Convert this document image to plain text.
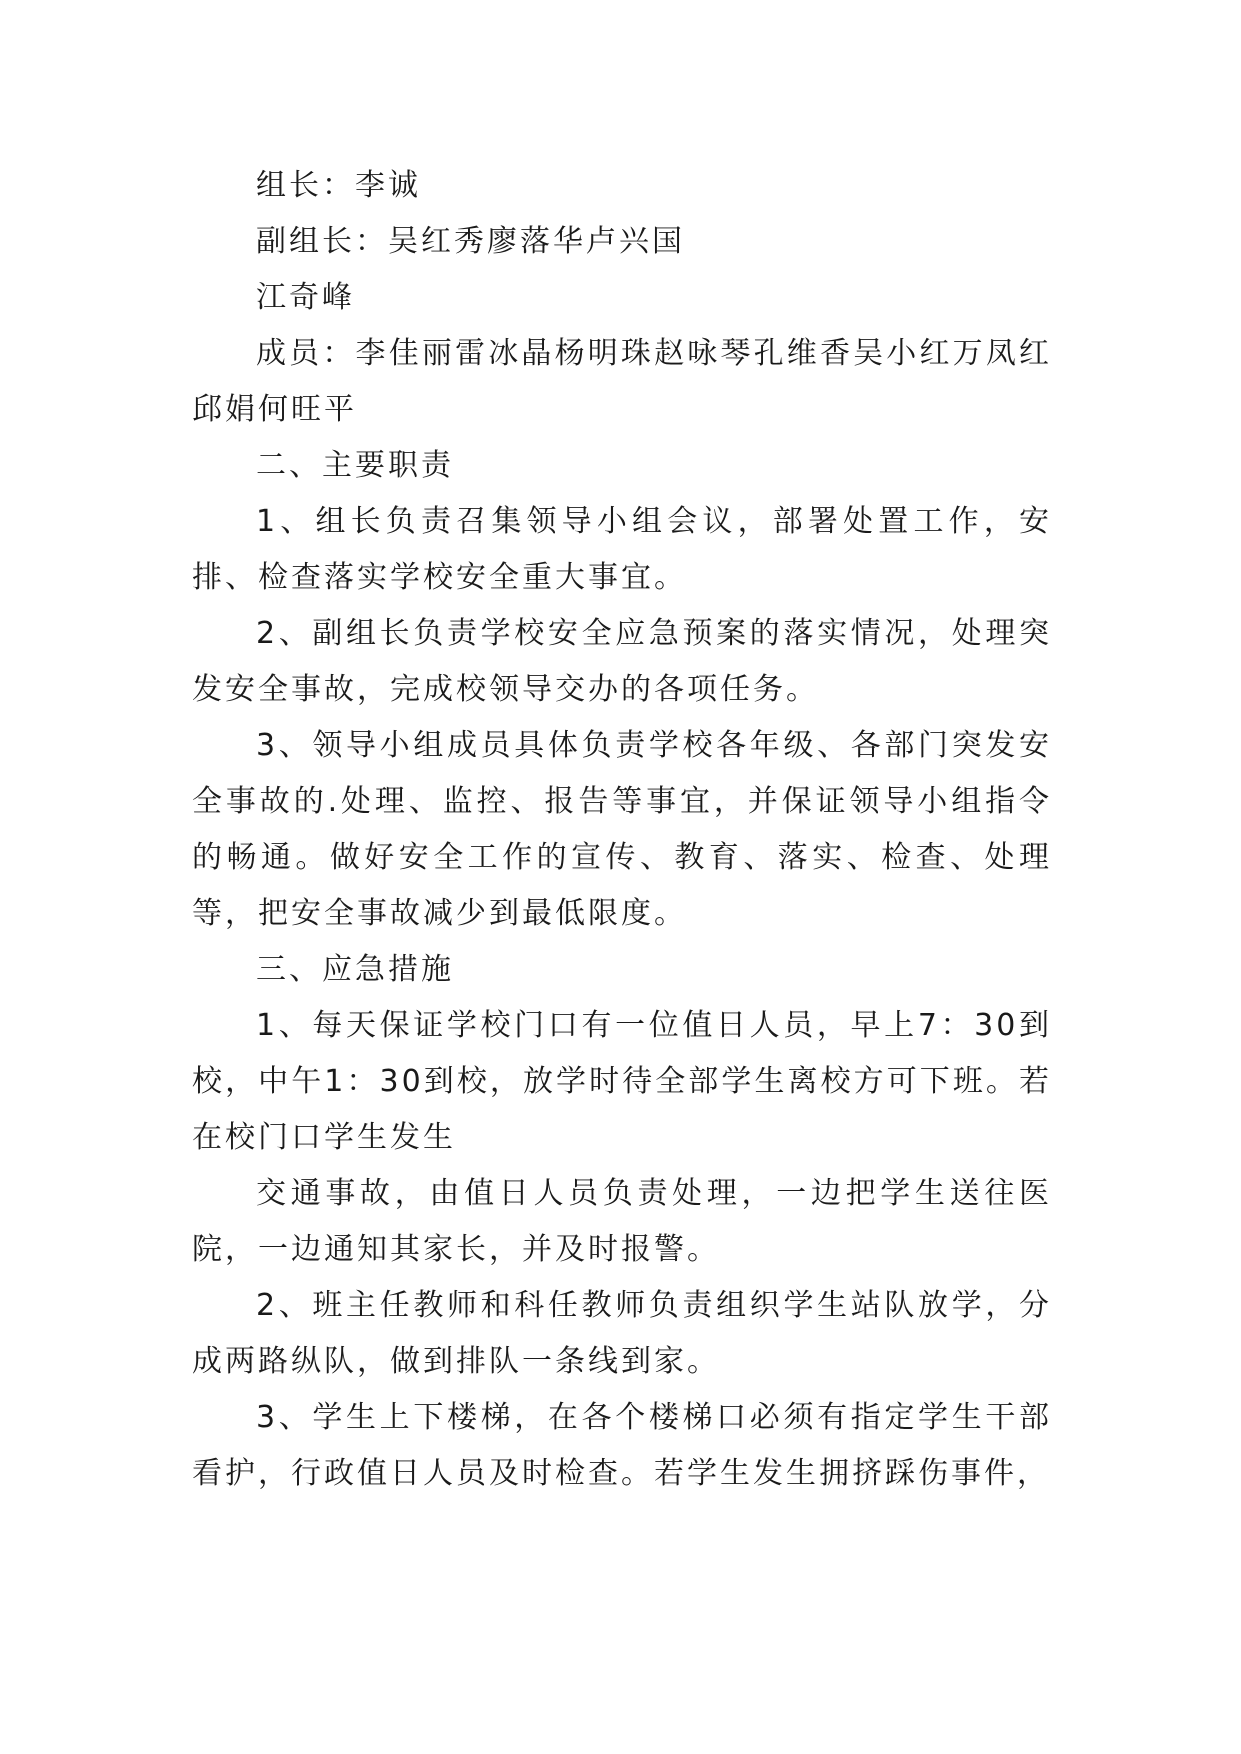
组长：李诚

副组长：吴红秀廖落华卢兴国

江奇峰

成员：李佳丽雷冰晶杨明珠赵咏琴孔维香吴小红万凤红邱娟何旺平

二、主要职责

1、组长负责召集领导小组会议，部署处置工作，安排、检查落实学校安全重大事宜。

2、副组长负责学校安全应急预案的落实情况，处理突发安全事故，完成校领导交办的各项任务。

3、领导小组成员具体负责学校各年级、各部门突发安全事故的.处理、监控、报告等事宜，并保证领导小组指令的畅通。做好安全工作的宣传、教育、落实、检查、处理等，把安全事故减少到最低限度。

三、应急措施

1、每天保证学校门口有一位值日人员，早上7：30到校，中午1：30到校，放学时待全部学生离校方可下班。若在校门口学生发生

交通事故，由值日人员负责处理，一边把学生送往医院，一边通知其家长，并及时报警。

2、班主任教师和科任教师负责组织学生站队放学，分成两路纵队，做到排队一条线到家。

3、学生上下楼梯，在各个楼梯口必须有指定学生干部看护，行政值日人员及时检查。若学生发生拥挤踩伤事件，
